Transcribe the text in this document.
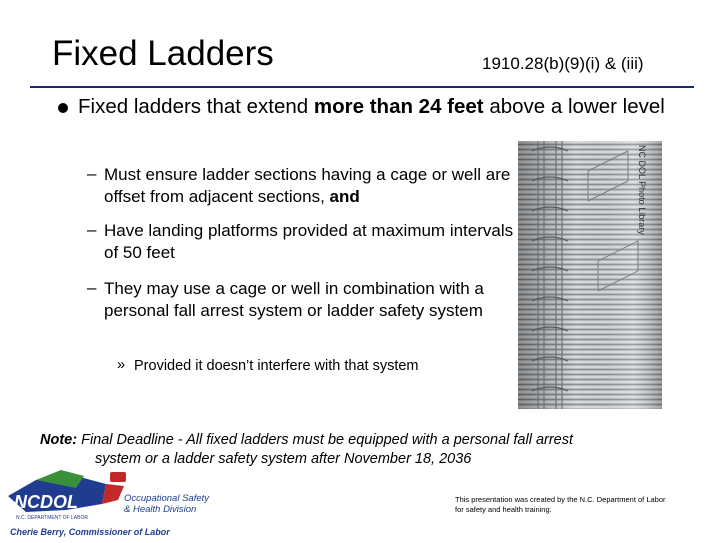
Fixed Ladders	1910.28(b)(9)(i) & (iii)
Fixed ladders that extend more than 24 feet above a lower level
– Must ensure ladder sections having a cage or well are offset from adjacent sections, and
– Have landing platforms provided at maximum intervals of 50 feet
– They may use a cage or well in combination with a personal fall arrest system or ladder safety system
» Provided it doesn’t interfere with that system
NC DOL Photo Library
Note: Final Deadline - All fixed ladders must be equipped with a personal fall arrest
system or a ladder safety system after November 18, 2036
NCDOL
N.C. DEPARTMENT OF LABOR
Occupational Safety
& Health Division
Cherie Berry, Commissioner of Labor
This presentation was created by the N.C. Department of Labor for safety and health training.
